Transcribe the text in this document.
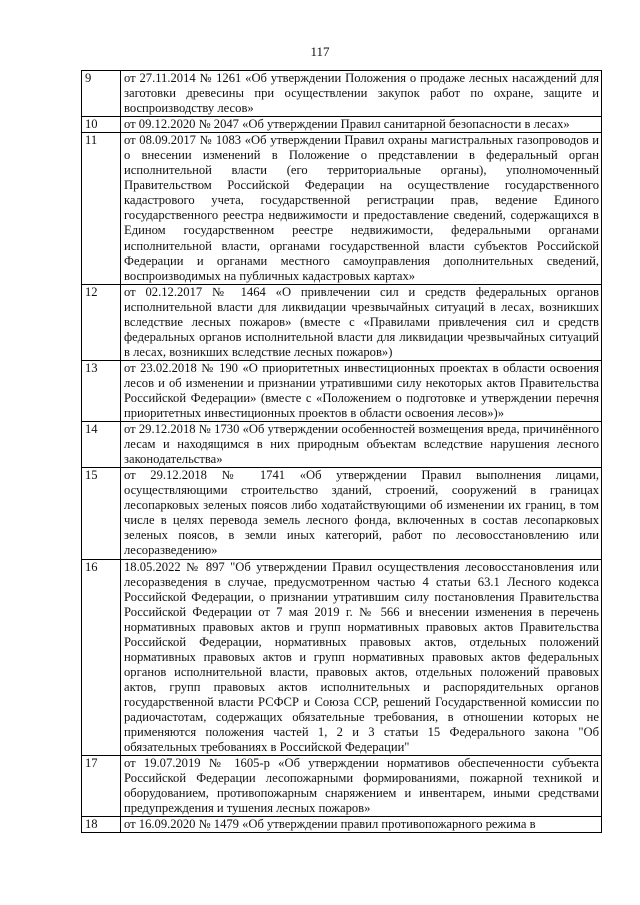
117
9	от 27.11.2014 № 1261 «Об утверждении Положения о продаже лесных насаждений для заготовки древесины при осуществлении закупок работ по охране, защите и воспроизводству лесов»
10	от 09.12.2020 № 2047 «Об утверждении Правил санитарной безопасности в лесах»
11	от 08.09.2017 № 1083 «Об утверждении Правил охраны магистральных газопроводов и о внесении изменений в Положение о представлении в федеральный орган исполнительной власти (его территориальные органы), уполномоченный Правительством Российской Федерации на осуществление государственного кадастрового учета, государственной регистрации прав, ведение Единого государственного реестра недвижимости и предоставление сведений, содержащихся в Едином государственном реестре недвижимости, федеральными органами исполнительной власти, органами государственной власти субъектов Российской Федерации и органами местного самоуправления дополнительных сведений, воспроизводимых на публичных кадастровых картах»
12	от 02.12.2017 № 1464 «О привлечении сил и средств федеральных органов исполнительной власти для ликвидации чрезвычайных ситуаций в лесах, возникших вследствие лесных пожаров» (вместе с «Правилами привлечения сил и средств федеральных органов исполнительной власти для ликвидации чрезвычайных ситуаций в лесах, возникших вследствие лесных пожаров»)
13	от 23.02.2018 № 190 «О приоритетных инвестиционных проектах в области освоения лесов и об изменении и признании утратившими силу некоторых актов Правительства Российской Федерации» (вместе с «Положением о подготовке и утверждении перечня приоритетных инвестиционных проектов в области освоения лесов»)»
14	от 29.12.2018 № 1730 «Об утверждении особенностей возмещения вреда, причинённого лесам и находящимся в них природным объектам вследствие нарушения лесного законодательства»
15	от 29.12.2018 № 1741 «Об утверждении Правил выполнения лицами, осуществляющими строительство зданий, строений, сооружений в границах лесопарковых зеленых поясов либо ходатайствующими об изменении их границ, в том числе в целях перевода земель лесного фонда, включенных в состав лесопарковых зеленых поясов, в земли иных категорий, работ по лесовосстановлению или лесоразведению»
16	18.05.2022 № 897 "Об утверждении Правил осуществления лесовосстановления или лесоразведения в случае, предусмотренном частью 4 статьи 63.1 Лесного кодекса Российской Федерации, о признании утратившим силу постановления Правительства Российской Федерации от 7 мая 2019 г. № 566 и внесении изменения в перечень нормативных правовых актов и групп нормативных правовых актов Правительства Российской Федерации, нормативных правовых актов, отдельных положений нормативных правовых актов и групп нормативных правовых актов федеральных органов исполнительной власти, правовых актов, отдельных положений правовых актов, групп правовых актов исполнительных и распорядительных органов государственной власти РСФСР и Союза ССР, решений Государственной комиссии по радиочастотам, содержащих обязательные требования, в отношении которых не применяются положения частей 1, 2 и 3 статьи 15 Федерального закона "Об обязательных требованиях в Российской Федерации"
17	от 19.07.2019 № 1605-р «Об утверждении нормативов обеспеченности субъекта Российской Федерации лесопожарными формированиями, пожарной техникой и оборудованием, противопожарным снаряжением и инвентарем, иными средствами предупреждения и тушения лесных пожаров»
18	от 16.09.2020 № 1479 «Об утверждении правил противопожарного режима в
